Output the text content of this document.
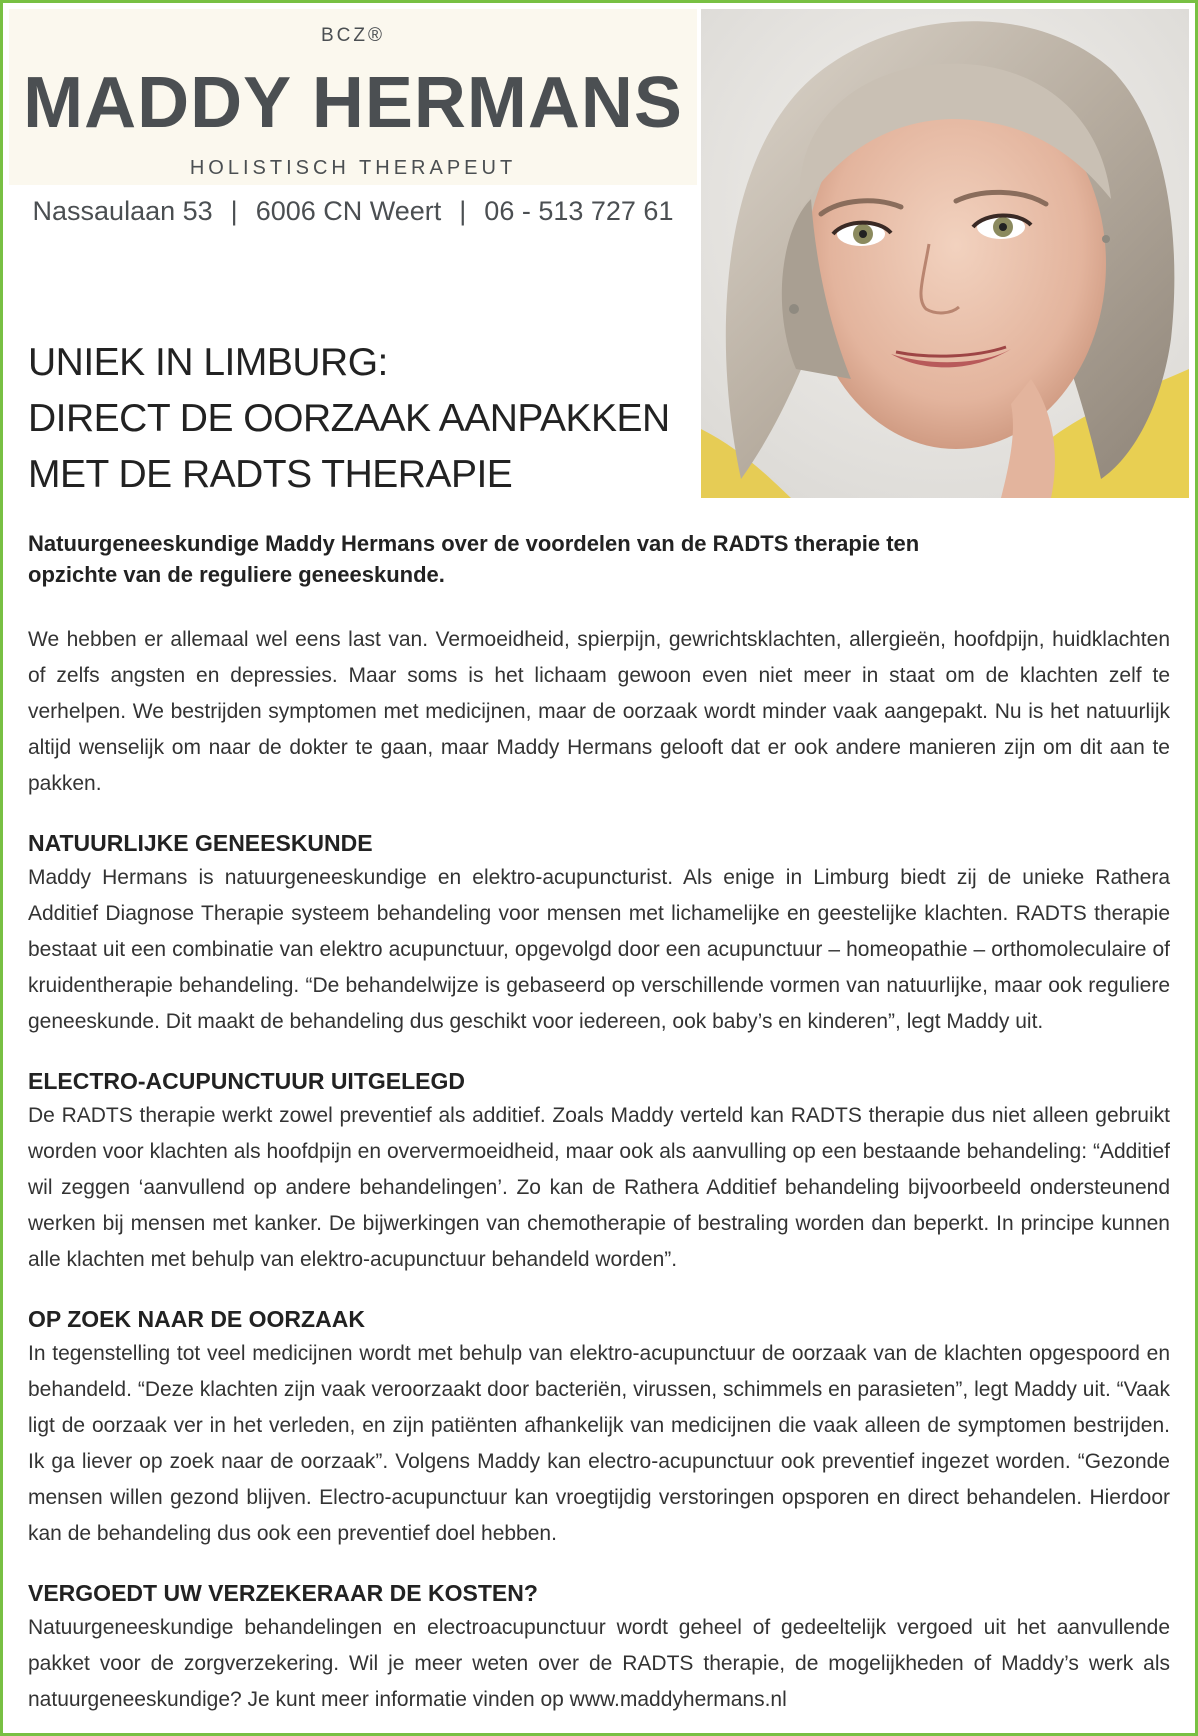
BCZ®
MADDY HERMANS
HOLISTISCH THERAPEUT
Nassaulaan 53 | 6006 CN Weert | 06 - 513 727 61
UNIEK IN LIMBURG:
DIRECT DE OORZAAK AANPAKKEN
MET DE RADTS THERAPIE
Natuurgeneeskundige Maddy Hermans over de voordelen van de RADTS therapie ten opzichte van de reguliere geneeskunde.

We hebben er allemaal wel eens last van. Vermoeidheid, spierpijn, gewrichtsklachten, allergieën, hoofdpijn, huidklachten of zelfs angsten en depressies. Maar soms is het lichaam gewoon even niet meer in staat om de klachten zelf te verhelpen. We bestrijden symptomen met medicijnen, maar de oorzaak wordt minder vaak aangepakt. Nu is het natuurlijk altijd wenselijk om naar de dokter te gaan, maar Maddy Hermans gelooft dat er ook andere manieren zijn om dit aan te pakken.

NATUURLIJKE GENEESKUNDE

Maddy Hermans is natuurgeneeskundige en elektro-acupuncturist. Als enige in Limburg biedt zij de unieke Rathera Additief Diagnose Therapie systeem behandeling voor mensen met lichamelijke en geestelijke klachten. RADTS therapie bestaat uit een combinatie van elektro acupunctuur, opgevolgd door een acupunctuur – homeopathie – orthomoleculaire of kruidentherapie behandeling. “De behandelwijze is gebaseerd op verschillende vormen van natuurlijke, maar ook reguliere geneeskunde. Dit maakt de behandeling dus geschikt voor iedereen, ook baby’s en kinderen”, legt Maddy uit.

ELECTRO-ACUPUNCTUUR UITGELEGD

De RADTS therapie werkt zowel preventief als additief. Zoals Maddy verteld kan RADTS therapie dus niet alleen gebruikt worden voor klachten als hoofdpijn en oververmoeidheid, maar ook als aanvulling op een bestaande behandeling: “Additief wil zeggen ‘aanvullend op andere behandelingen’. Zo kan de Rathera Additief behandeling bijvoorbeeld ondersteunend werken bij mensen met kanker. De bijwerkingen van chemotherapie of bestraling worden dan beperkt. In principe kunnen alle klachten met behulp van elektro-acupunctuur behandeld worden”.

OP ZOEK NAAR DE OORZAAK

In tegenstelling tot veel medicijnen wordt met behulp van elektro-acupunctuur de oorzaak van de klachten opgespoord en behandeld. “Deze klachten zijn vaak veroorzaakt door bacteriën, virussen, schimmels en parasieten”, legt Maddy uit. “Vaak ligt de oorzaak ver in het verleden, en zijn patiënten afhankelijk van medicijnen die vaak alleen de symptomen bestrijden. Ik ga liever op zoek naar de oorzaak”. Volgens Maddy kan electro-acupunctuur ook preventief ingezet worden. “Gezonde mensen willen gezond blijven. Electro-acupunctuur kan vroegtijdig verstoringen opsporen en direct behandelen. Hierdoor kan de behandeling dus ook een preventief doel hebben.

VERGOEDT UW VERZEKERAAR DE KOSTEN?

Natuurgeneeskundige behandelingen en electroacupunctuur wordt geheel of gedeeltelijk vergoed uit het aanvullende pakket voor de zorgverzekering. Wil je meer weten over de RADTS therapie, de mogelijkheden of Maddy’s werk als natuurgeneeskundige? Je kunt meer informatie vinden op www.maddyhermans.nl
